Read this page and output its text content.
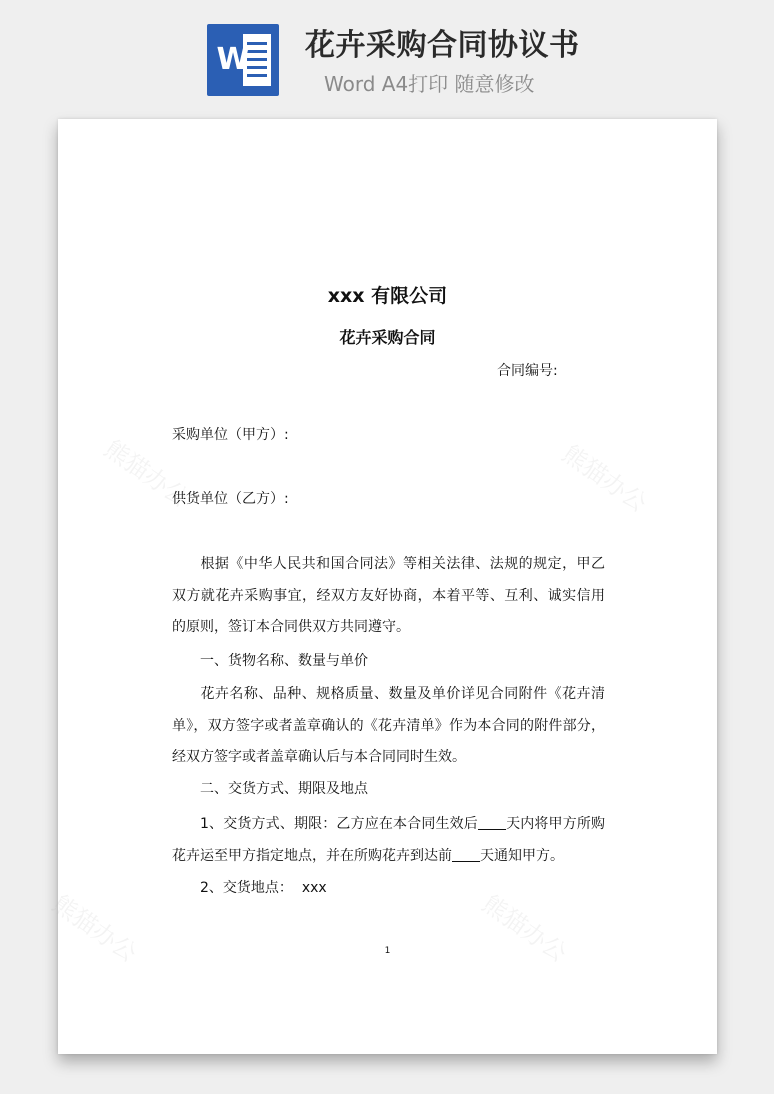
W 花卉采购合同协议书
Word A4打印 随意修改
熊猫办公	熊猫办公
熊猫办公	熊猫办公
xxx 有限公司
花卉采购合同
合同编号:
采购单位（甲方）:
供货单位（乙方）:

根据《中华人民共和国合同法》等相关法律、法规的规定，甲乙双方就花卉采购事宜，经双方友好协商，本着平等、互利、诚实信用的原则，签订本合同供双方共同遵守。

一、货物名称、数量与单价

花卉名称、品种、规格质量、数量及单价详见合同附件《花卉清单》，双方签字或者盖章确认的《花卉清单》作为本合同的附件部分，经双方签字或者盖章确认后与本合同同时生效。

二、交货方式、期限及地点

1、交货方式、期限：乙方应在本合同生效后 天内将甲方所购花卉运至甲方指定地点，并在所购花卉到达前 天通知甲方。

2、交货地点： xxx
1
